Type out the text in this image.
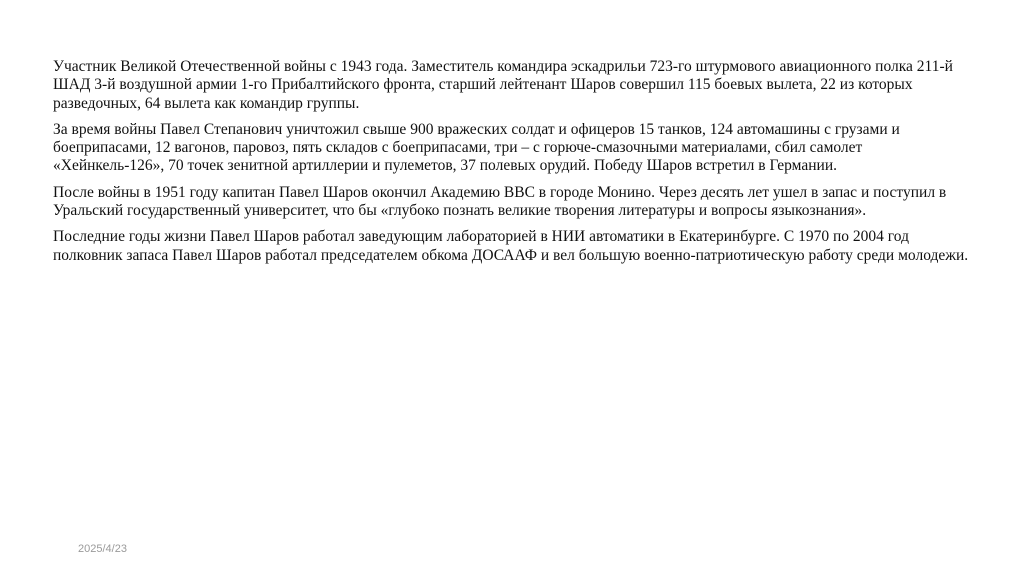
Участник Великой Отечественной войны с 1943 года. Заместитель командира эскадрильи 723-го штурмового авиационного полка 211-й ШАД 3-й воздушной армии 1-го Прибалтийского фронта, старший лейтенант Шаров совершил 115 боевых вылета, 22 из которых разведочных, 64 вылета как командир группы.

За время войны Павел Степанович уничтожил свыше 900 вражеских солдат и офицеров 15 танков, 124 автомашины с грузами и боеприпасами, 12 вагонов, паровоз, пять складов с боеприпасами, три – с горюче-смазочными материалами, сбил самолет «Хейнкель-126», 70 точек зенитной артиллерии и пулеметов, 37 полевых орудий. Победу Шаров встретил в Германии.

После войны в 1951 году капитан Павел Шаров окончил Академию ВВС в городе Монино. Через десять лет ушел в запас и поступил в Уральский государственный университет, что бы «глубоко познать великие творения литературы и вопросы языкознания».

Последние годы жизни Павел Шаров работал заведующим лабораторией в НИИ автоматики в Екатеринбурге. С 1970 по 2004 год полковник запаса Павел Шаров работал председателем обкома ДОСААФ и вел большую военно-патриотическую работу среди молодежи.

2025/4/23
